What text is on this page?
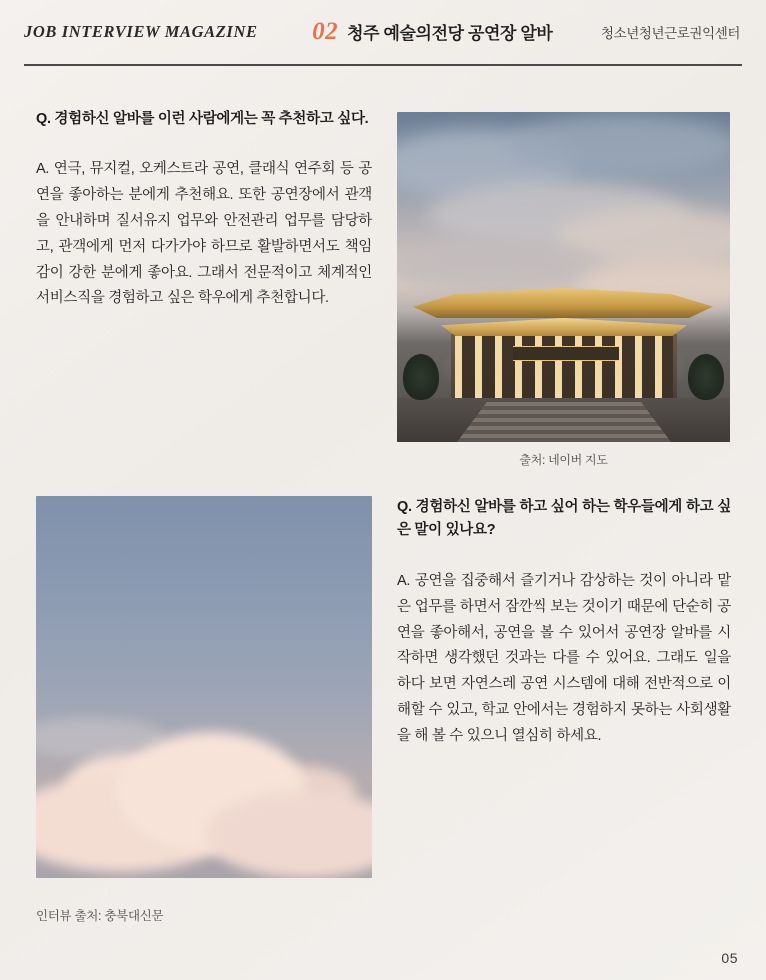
JOB INTERVIEW MAGAZINE 02 청주 예술의전당 공연장 알바	청소년청년근로권익센터
Q. 경험하신 알바를 이런 사람에게는 꼭 추천하고 싶다.
A. 연극, 뮤지컬, 오케스트라 공연, 클래식 연주회 등 공연을 좋아하는 분에게 추천해요. 또한 공연장에서 관객을 안내하며 질서유지 업무와 안전관리 업무를 담당하고, 관객에게 먼저 다가가야 하므로 활발하면서도 책임감이 강한 분에게 좋아요. 그래서 전문적이고 체계적인 서비스직을 경험하고 싶은 학우에게 추천합니다.
출처: 네이버 지도
Q. 경험하신 알바를 하고 싶어 하는 학우들에게 하고 싶은 말이 있나요?
A. 공연을 집중해서 즐기거나 감상하는 것이 아니라 맡은 업무를 하면서 잠깐씩 보는 것이기 때문에 단순히 공연을 좋아해서, 공연을 볼 수 있어서 공연장 알바를 시작하면 생각했던 것과는 다를 수 있어요. 그래도 일을 하다 보면 자연스레 공연 시스템에 대해 전반적으로 이해할 수 있고, 학교 안에서는 경험하지 못하는 사회생활을 해 볼 수 있으니 열심히 하세요.
인터뷰 출처: 충북대신문
05
